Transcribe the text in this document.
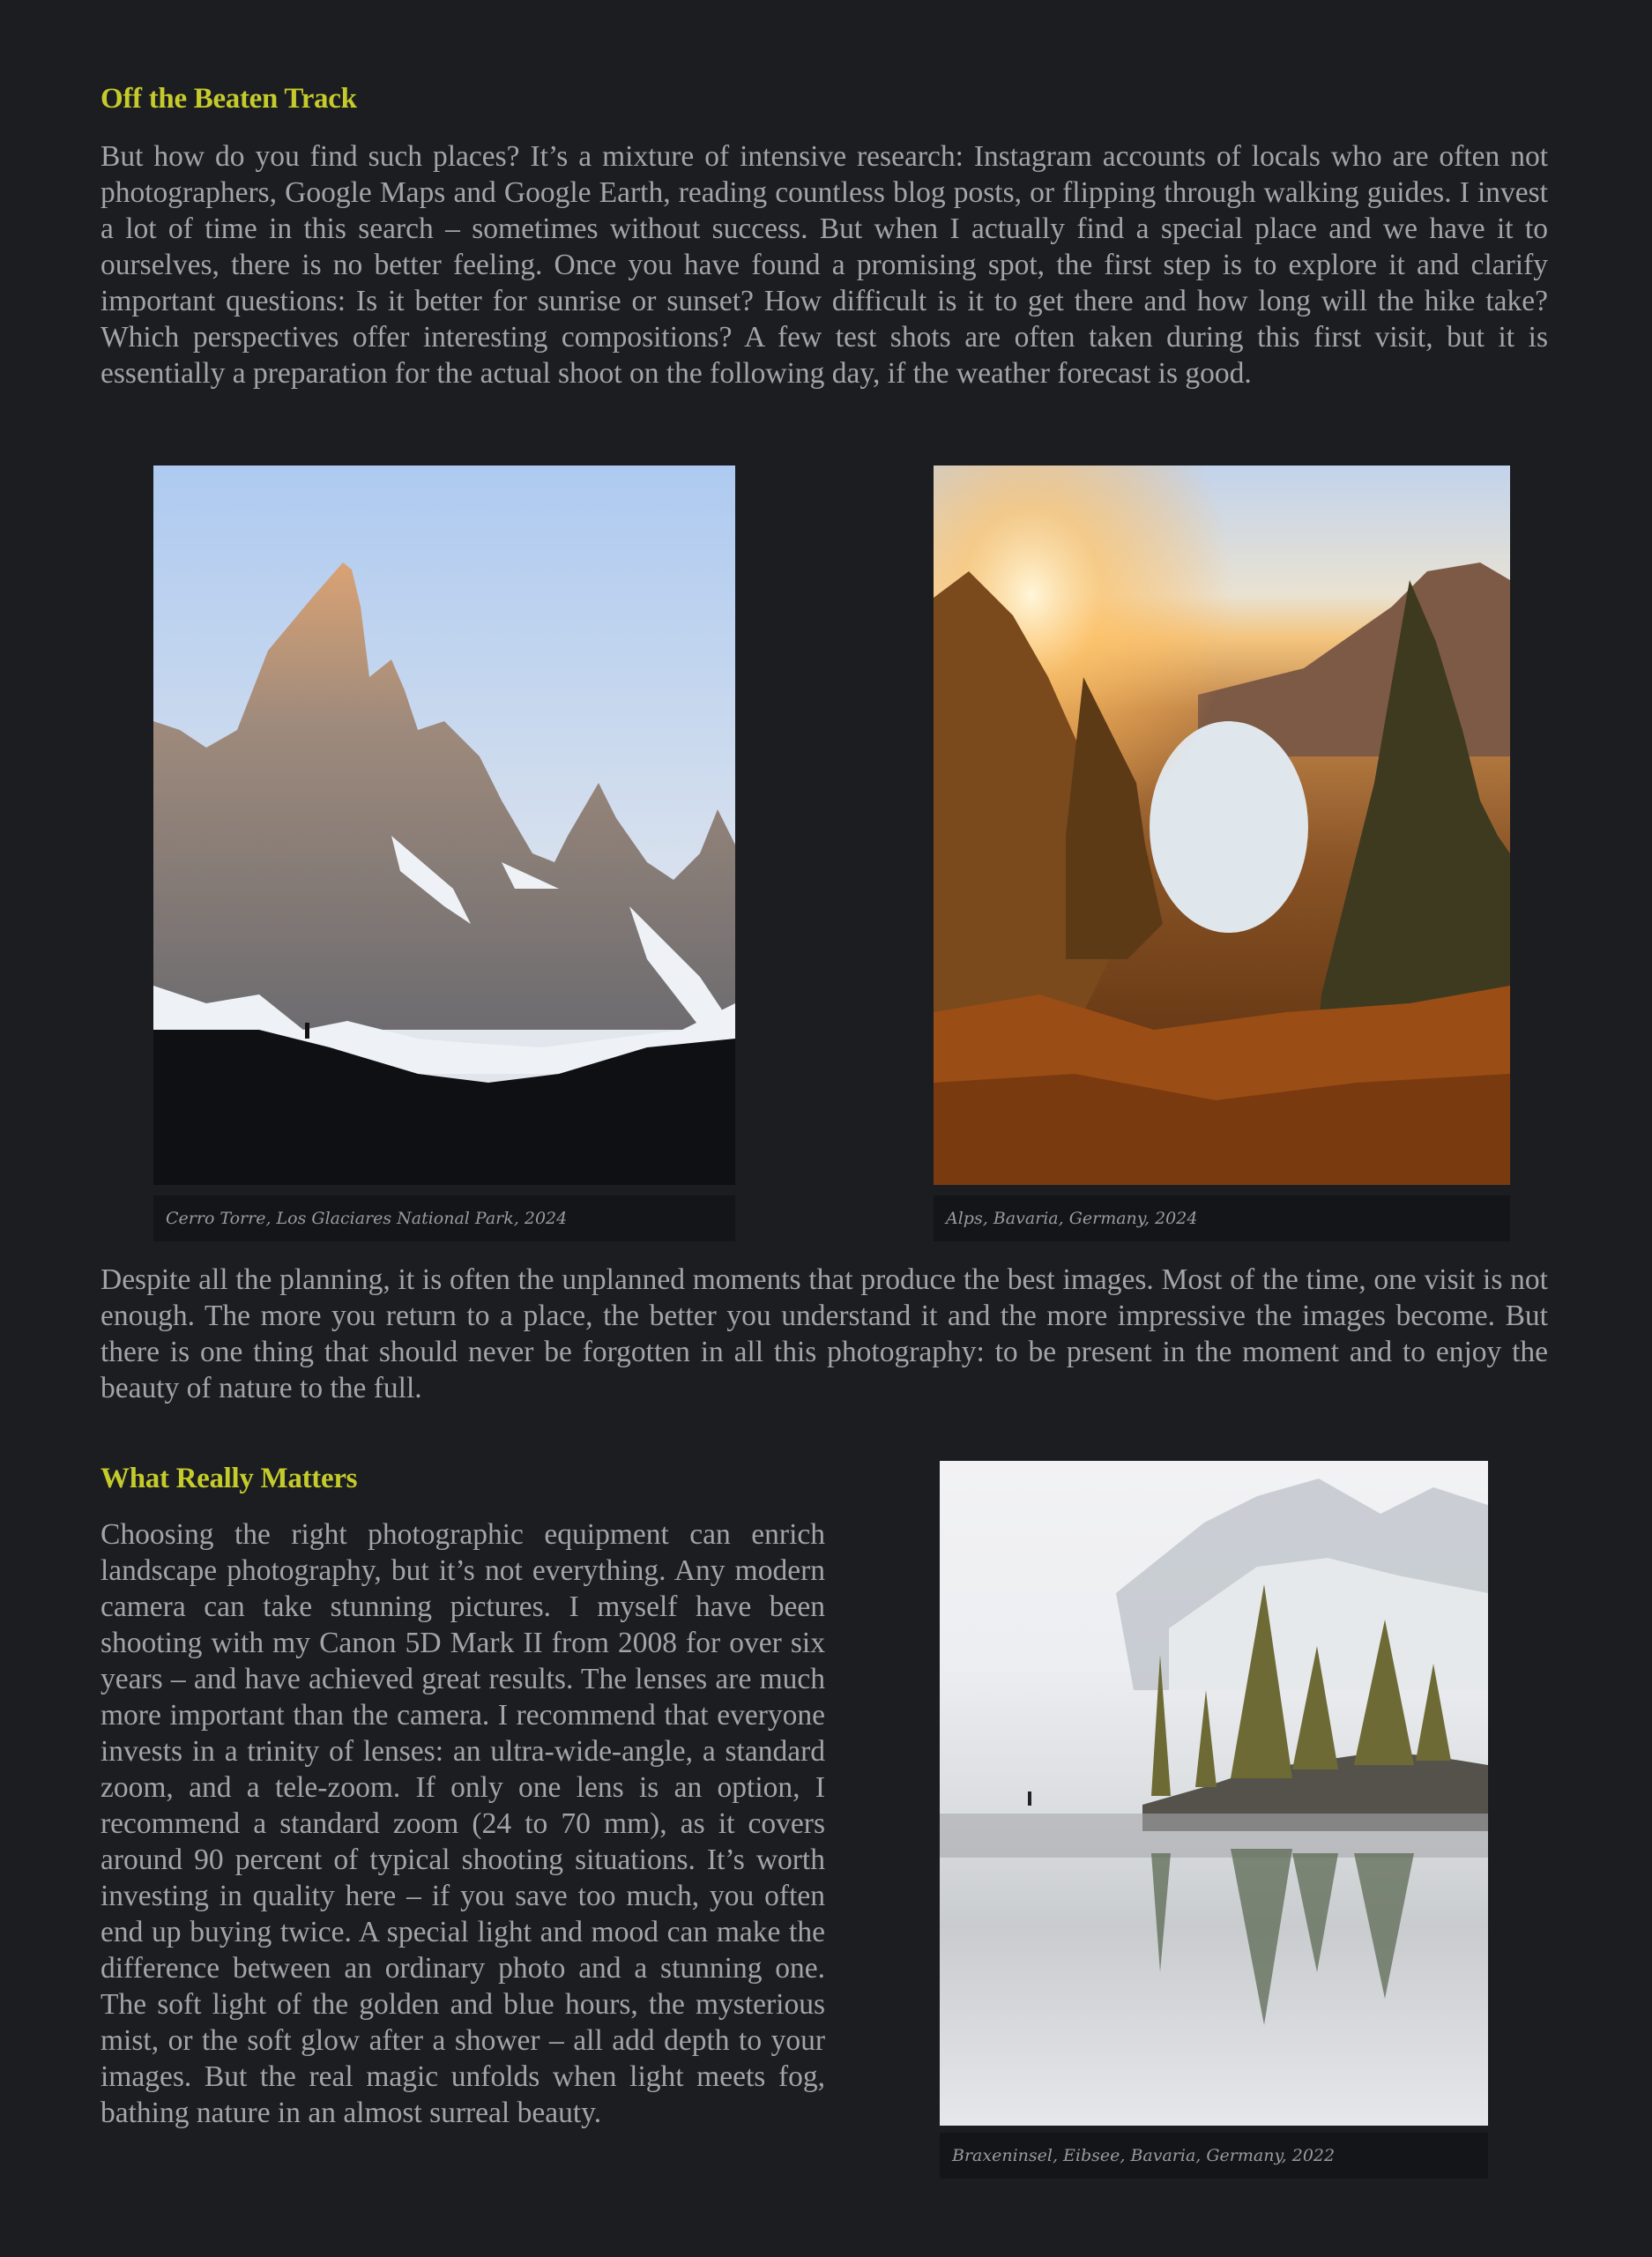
Off the Beaten Track

But how do you find such places? It’s a mixture of intensive research: Instagram accounts of locals who are often not photographers, Google Maps and Google Earth, reading countless blog posts, or flipping through walking guides. I invest a lot of time in this search – sometimes without success. But when I actually find a special place and we have it to ourselves, there is no better feeling. Once you have found a promising spot, the first step is to explore it and clarify important questions: Is it better for sunrise or sunset? How difficult is it to get there and how long will the hike take? Which perspectives offer interesting compositions? A few test shots are often taken during this first visit, but it is essentially a preparation for the actual shoot on the following day, if the weather forecast is good.

Cerro Torre, Los Glaciares National Park, 2024	Alps, Bavaria, Germany, 2024

Despite all the planning, it is often the unplanned moments that produce the best images. Most of the time, one visit is not enough. The more you return to a place, the better you understand it and the more impressive the images become. But there is one thing that should never be forgotten in all this photography: to be present in the moment and to enjoy the beauty of nature to the full.

What Really Matters

Choosing the right photographic equipment can enrich landscape photography, but it’s not everything. Any modern camera can take stunning pictures. I myself have been shooting with my Canon 5D Mark II from 2008 for over six years – and have achieved great results. The lenses are much more important than the camera. I recommend that everyone invests in a trinity of lenses: an ultra-wide-angle, a standard zoom, and a tele-zoom. If only one lens is an option, I recommend a standard zoom (24 to 70 mm), as it covers around 90 percent of typical shooting situations. It’s worth investing in quality here – if you save too much, you often end up buying twice. A special light and mood can make the difference between an ordinary photo and a stunning one. The soft light of the golden and blue hours, the mysterious mist, or the soft glow after a shower – all add depth to your images. But the real magic unfolds when light meets fog, bathing nature in an almost surreal beauty.

Braxeninsel, Eibsee, Bavaria, Germany, 2022
